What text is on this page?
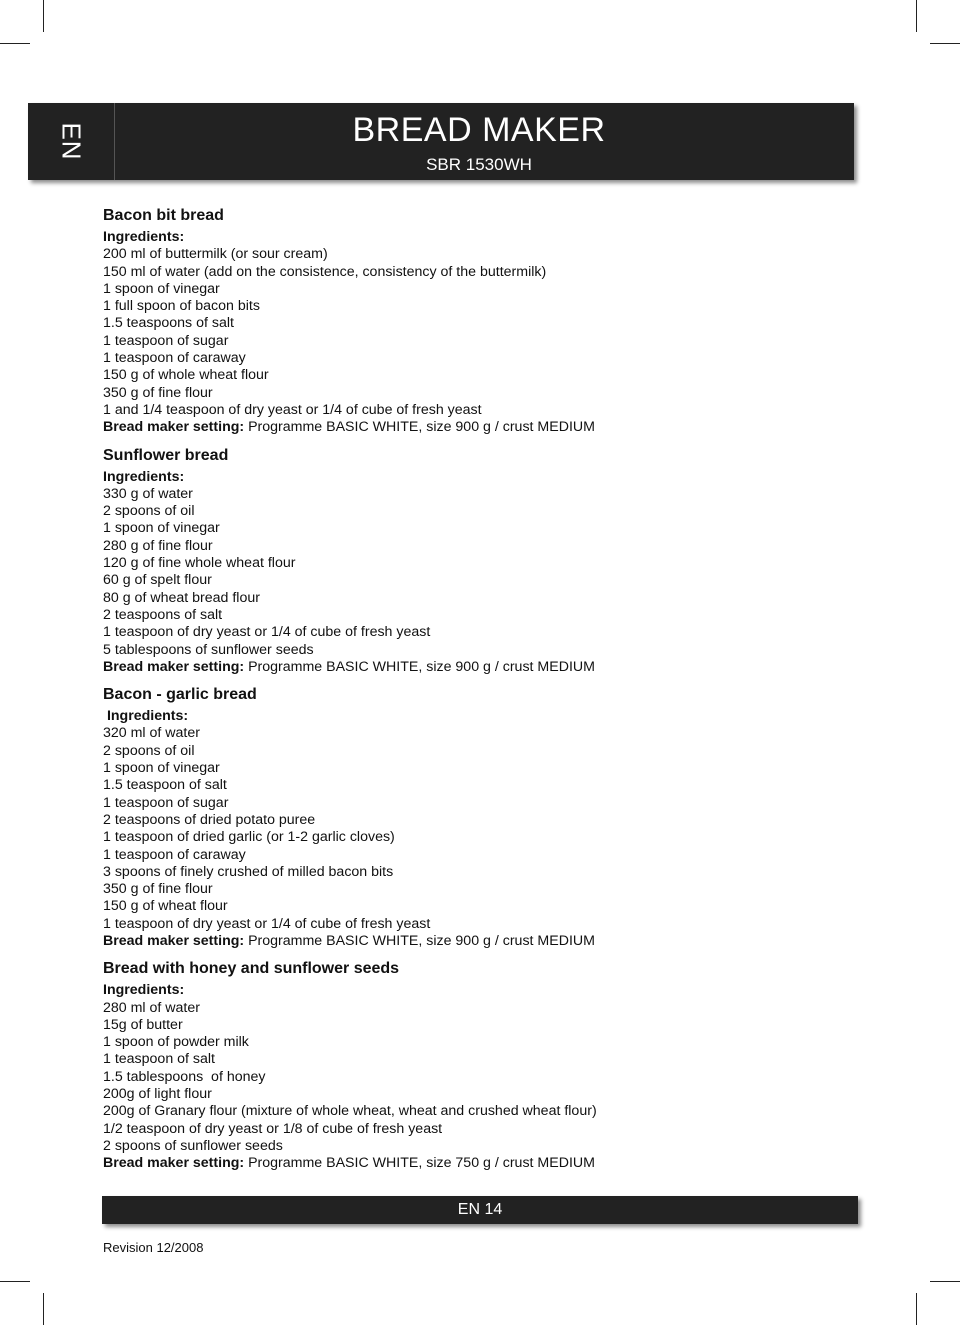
EN	BREAD MAKER
SBR 1530WH
Bacon bit bread
Ingredients:
200 ml of buttermilk (or sour cream)
150 ml of water (add on the consistence, consistency of the buttermilk)
1 spoon of vinegar
1 full spoon of bacon bits
1.5 teaspoons of salt
1 teaspoon of sugar
1 teaspoon of caraway
150 g of whole wheat flour
350 g of fine flour
1 and 1/4 teaspoon of dry yeast or 1/4 of cube of fresh yeast
Bread maker setting: Programme BASIC WHITE, size 900 g / crust MEDIUM
Sunflower bread
Ingredients:
330 g of water
2 spoons of oil
1 spoon of vinegar
280 g of fine flour
120 g of fine whole wheat flour
60 g of spelt flour
80 g of wheat bread flour
2 teaspoons of salt
1 teaspoon of dry yeast or 1/4 of cube of fresh yeast
5 tablespoons of sunflower seeds
Bread maker setting: Programme BASIC WHITE, size 900 g / crust MEDIUM
Bacon - garlic bread
Ingredients:
320 ml of water
2 spoons of oil
1 spoon of vinegar
1.5 teaspoon of salt
1 teaspoon of sugar
2 teaspoons of dried potato puree
1 teaspoon of dried garlic (or 1-2 garlic cloves)
1 teaspoon of caraway
3 spoons of finely crushed of milled bacon bits
350 g of fine flour
150 g of wheat flour
1 teaspoon of dry yeast or 1/4 of cube of fresh yeast
Bread maker setting: Programme BASIC WHITE, size 900 g / crust MEDIUM
Bread with honey and sunflower seeds
Ingredients:
280 ml of water
15g of butter
1 spoon of powder milk
1 teaspoon of salt
1.5 tablespoons  of honey
200g of light flour
200g of Granary flour (mixture of whole wheat, wheat and crushed wheat flour)
1/2 teaspoon of dry yeast or 1/8 of cube of fresh yeast
2 spoons of sunflower seeds
Bread maker setting: Programme BASIC WHITE, size 750 g / crust MEDIUM
EN 14
Revision 12/2008
